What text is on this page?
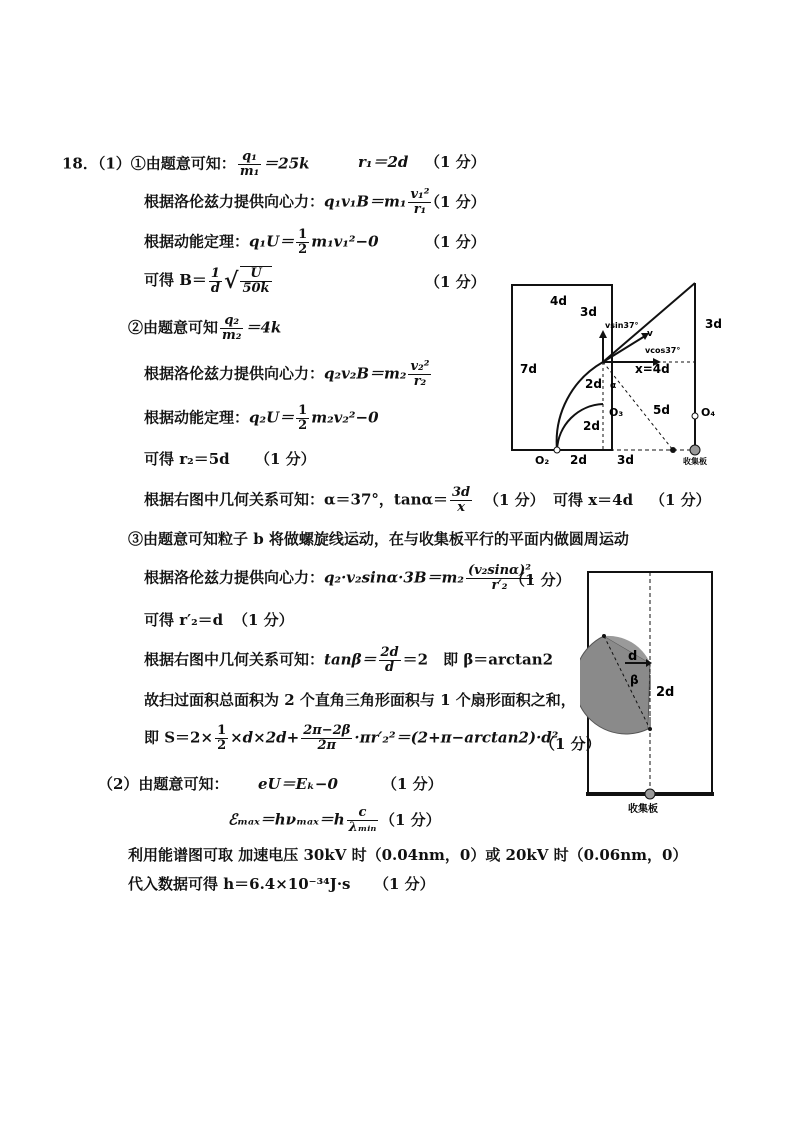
18．（1）①由题意可知： $\frac{\text{q₁}}{\text{m₁}} =25k$	r₁＝2d （1 分）
根据洛伦兹力提供向心力：$q_1v_1B=m_1 \frac{\text{v₁²}}{\text{r₁}}$
（1 分）
根据动能定理：$q_1U= \frac{1}{2} m_1v_1^2-0$	（1 分）
可得 $B= \frac{1}{d}$ √ $\frac{U}{50k}$	（1 分）
②由题意可知 $\frac{\text{q₂}}{\text{m₂}} =4k$
根据洛伦兹力提供向心力：$q_2v_2B=m_2 \frac{\text{v₂²}}{\text{r₂}}$
根据动能定理：$q_2U= \frac{1}{2} m_2v_2^2-0$
可得 r₂＝5d （1 分）
根据右图中几何关系可知：α＝37°，$\tan\alpha= \frac{3d}{x} (1$ 分） 可得 x＝4d （1 分）
③由题意可知粒子 b 将做螺旋线运动，在与收集板平行的平面内做圆周运动
根据洛伦兹力提供向心力：$q_2\cdot v_2\sin\alpha\cdot 3B=m_2 \frac{\text{(v₂sinα)²}}{\text{r′₂}}$
（1 分）
可得 r′₂＝d （1 分）
根据右图中几何关系可知：$\tan\beta= \frac{2d}{d} =2$　即 β＝arctan2
故扫过面积总面积为 2 个直角三角形面积与 1 个扇形面积之和，
即 $S=2\times \frac{1}{2} \times d\times 2d+ \frac{2\pi-2\beta}{2\pi} \cdot\pi r'_2^2=(2+\pi-\arctan 2)\cdot d^2$
（1 分）
（2）由题意可知： eU＝Eₖ−0	（1 分）
ℰₘₐₓ＝hνₘₐₓ＝h $\frac{c}{\text{λₘᵢₙ}} (1$ 分）
利用能谱图可取 加速电压 30kV 时（0.04nm，0）或 20kV 时（0.06nm，0）
代入数据可得 h＝6.4×10⁻³⁴J·s （1 分）
4d
3d
3d
7d
vsin37°
v
vcos37°
α
x=4d
2d
2d
O₃ 5d	O₄
O₂ 2d	3d	收集板
d
β
2d
收集板
